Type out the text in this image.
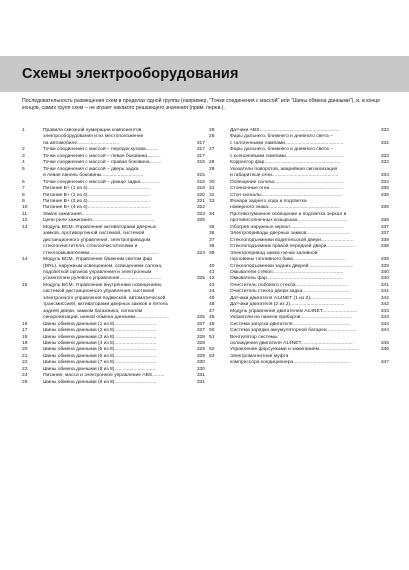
Схемы электрооборудования
Последовательность размещения схем в пределах одной группы (например, "Точки соединения с массой" или "Шины обмена данными"), и, в конце концов, самих групп схем – не играет никакого решающего значения (прим. перев.).
1	Правила сквозной нумерации компонентов
электрооборудования и их местоположение
на автомобиле...............................	317
2	Точки соединения с массой – передок кузова.........	317
3	Точки соединения с массой – левая боковина..........	317
4	Точки соединения с массой – правая боковина.........	315
5	Точки соединения с массой – дверь задка
и левая панель боковины...............................	315
6	Точки соединения с массой – днище задка...............	315
7	Питание В+ (1 из 4)..............................................	319
8	Питание В+ (2 из 4)..............................................	320
9	Питание В+ (3 из 4)..............................................	321
10	Питание В+ (4 из 4)..............................................	322
11	Замок зажигания....................................................	323
12	Цепи реле зажигания..............................................	325
13	Модуль BCM. Управление активаторами дверных
замков, противоугонной системой, системой
дистанционного управления, электроприводом
стеклоочистителя, стеклоочистителями и
стеклоомывателями...................................................	324
14	Модуль BCM. Управление ближним светом фар
(DRL), наружным освещением, освещением салона,
подсветкой органов управления и электронным
усилителем рулевого управления...............................	325
15	Модуль BCM. Управление внутренним освещением,
системой дистанционного управления, системой
электронного управления подвеской, автоматической
трансмиссией, активаторами дверных замков и петель
задней двери, замком багажника, сигналом
синхронизации, шиной обмена данными.........................	325
16	Шины обмена данными (1 из 8)...............................	327
17	Шины обмена данными (2 из 8)...............................	327
18	Шины обмена данными (3 из 8)...............................	328
19	Шины обмена данными (4 из 8)...............................	328
20	Шины обмена данными (5 из 8)...............................	329
21	Шины обмена данными (6 из 8)...............................	329
22	Шины обмена данными (7 из 8)...............................	330
23	Шины обмена данными (8 из 8)...............................	330
24	Питание, масса и электронное управление ABS.........	331
25	Шины обмена данными (6 из 8)...............................	331
25	Датчики ABS...........................................................	332
26	Фары дальнего, ближнего и дневного света –
с галогенными лампами...........................................	332
27	Фары дальнего, ближнего и дневного света –
с ксеноновыми лампами...........................................	333
28	Корректор фар........................................................	332
29	Указатели поворотов, аварийная сигнализация
и габаритные огни.................................................	334
30	Освещение салона...................................................	334
31	Стояночные огни......................................................	335
32	Стоп-сигналы...........................................................	335
33	Фонари заднего хода и подсветка
номерного знака.....................................................	336
34	Противотуманное освещение и подсветка зеркал в
противосолнечных козырьках.....................................	336
35	Обогрев наружных зеркал........................................	337
36	Электроприводы дверных замков................................	337
37	Стеклоподъемники водительской двери........................	338
38	Стеклоподъемник правой передней двери.....................	338
39	Электропривод замка лючка заливной
горловины топливного бака.......................................	339
40	Стеклоподъемники задних дверей.................................	339
41	Омыватели стёкол....................................................	340
42	Омыватель фар........................................................	340
43	Очиститель лобового стекла.......................................	341
44	Очиститель стекла двери задка...................................	341
45	Датчики двигателя A14NET (1 из 2)..............................	342
46	Датчики двигателя (2 из 2)........................................	342
47	Модуль управления двигателем A14NET..........................	343
48	Указатели на панели приборов......................................	343
49	Система запуска двигателя..........................................	344
50	Система зарядки аккумуляторной батареи......................	344
51	Вентилятор системы
охлаждения двигателя A14NET......................................	345
52	Управление форсунками и зажиганием.............................	346
53	Электромагнитная муфта
компрессора кондиционера..........................................	347
